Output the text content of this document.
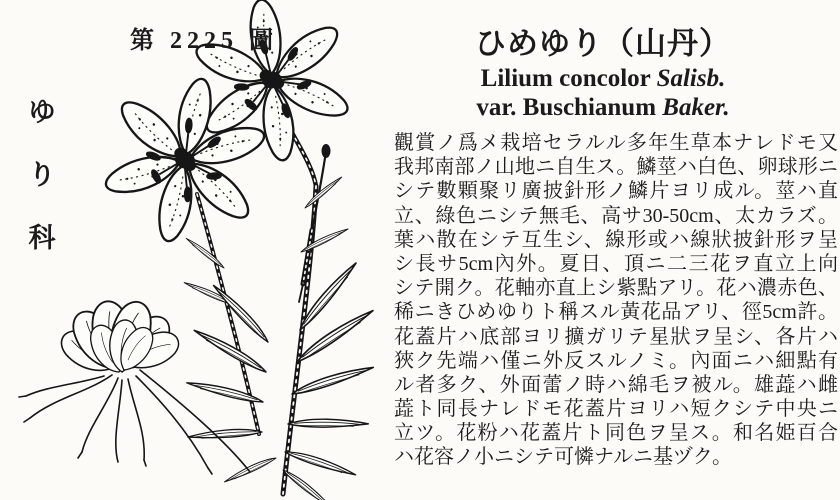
第 2225 圖
ゆ
り
科
ひめゆり（山丹）
Lilium concolor Salisb.
var. Buschianum Baker.
觀賞ノ爲メ栽培セラルル多年生草本ナレドモ又
我邦南部ノ山地ニ自生ス。鱗莖ハ白色、卵球形ニ
シテ數顆聚リ廣披針形ノ鱗片ヨリ成ル。莖ハ直
立、綠色ニシテ無毛、高サ30-50cm、太カラズ。
葉ハ散在シテ互生シ、線形或ハ線狀披針形ヲ呈
シ長サ5cm內外。夏日、頂ニ二三花ヲ直立上向
シテ開ク。花軸亦直上シ紫點アリ。花ハ濃赤色、
稀ニきひめゆりト稱スル黃花品アリ、徑5cm許。
花蓋片ハ底部ヨリ擴ガリテ星狀ヲ呈シ、各片ハ
狹ク先端ハ僅ニ外反スルノミ。內面ニハ細點有
ル者多ク、外面蕾ノ時ハ綿毛ヲ被ル。雄蕋ハ雌
蕋ト同長ナレドモ花蓋片ヨリハ短クシテ中央ニ
立ツ。花粉ハ花蓋片ト同色ヲ呈ス。和名姫百合
ハ花容ノ小ニシテ可憐ナルニ基ヅク。
